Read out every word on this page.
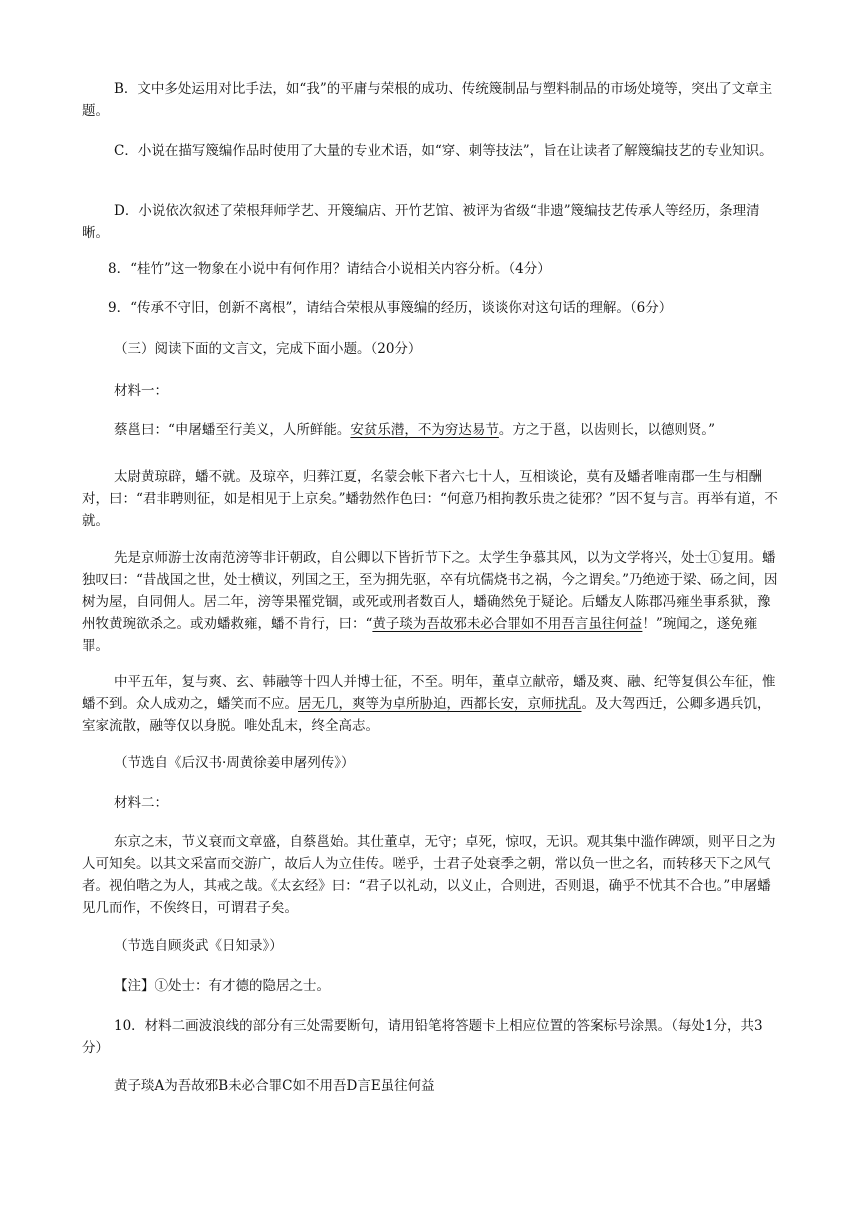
B．文中多处运用对比手法，如“我”的平庸与荣根的成功、传统篾制品与塑料制品的市场处境等，突出了文章主题。

C．小说在描写篾编作品时使用了大量的专业术语，如“穿、刺等技法”，旨在让读者了解篾编技艺的专业知识。

D．小说依次叙述了荣根拜师学艺、开篾编店、开竹艺馆、被评为省级“非遗”篾编技艺传承人等经历，条理清晰。

8．“桂竹”这一物象在小说中有何作用？请结合小说相关内容分析。（4分）

9．“传承不守旧，创新不离根”，请结合荣根从事篾编的经历，谈谈你对这句话的理解。（6分）

（三）阅读下面的文言文，完成下面小题。（20分）

材料一：

蔡邕曰：“申屠蟠至行美义，人所鲜能。安贫乐潜，不为穷达易节。方之于邕，以齿则长，以德则贤。”

太尉黄琼辟，蟠不就。及琼卒，归葬江夏，名蒙会帐下者六七十人，互相谈论，莫有及蟠者唯南郡一生与相酬对，曰：“君非聘则征，如是相见于上京矣。”蟠勃然作色曰：“何意乃相拘教乐贵之徒邪？”因不复与言。再举有道，不就。

先是京师游士汝南范滂等非讦朝政，自公卿以下皆折节下之。太学生争慕其风，以为文学将兴，处士①复用。蟠独叹曰：“昔战国之世，处士横议，列国之王，至为拥先驱，卒有坑儒烧书之祸，今之谓矣。”乃绝迹于梁、砀之间，因树为屋，自同佣人。居二年，滂等果罹党锢，或死或刑者数百人，蟠确然免于疑论。后蟠友人陈郡冯雍坐事系狱，豫州牧黄琬欲杀之。或劝蟠救雍，蟠不肯行，曰：“黄子琰为吾故邪未必合罪如不用吾言虽往何益！”琬闻之，遂免雍罪。

中平五年，复与爽、玄、韩融等十四人并博士征，不至。明年，董卓立献帝，蟠及爽、融、纪等复俱公车征，惟蟠不到。众人成劝之，蟠笑而不应。居无几，爽等为卓所胁迫，西都长安，京师扰乱。及大驾西迁，公卿多遇兵饥，室家流散，融等仅以身脱。唯处乱末，终全高志。

（节选自《后汉书·周黄徐姜申屠列传》）

材料二：

东京之末，节义衰而文章盛，自蔡邕始。其仕董卓，无守；卓死，惊叹，无识。观其集中滥作碑颂，则平日之为人可知矣。以其文采富而交游广，故后人为立佳传。嗟乎，士君子处衰季之朝，常以负一世之名，而转移天下之风气者。视伯喈之为人，其戒之哉。《太玄经》曰：“君子以礼动，以义止，合则进，否则退，确乎不忧其不合也。”申屠蟠见几而作，不俟终日，可谓君子矣。

（节选自顾炎武《日知录》）

【注】①处士：有才德的隐居之士。

10．材料二画波浪线的部分有三处需要断句，请用铅笔将答题卡上相应位置的答案标号涂黑。（每处1分，共3分）

黄子琰A为吾故邪B未必合罪C如不用吾D言E虽往何益
